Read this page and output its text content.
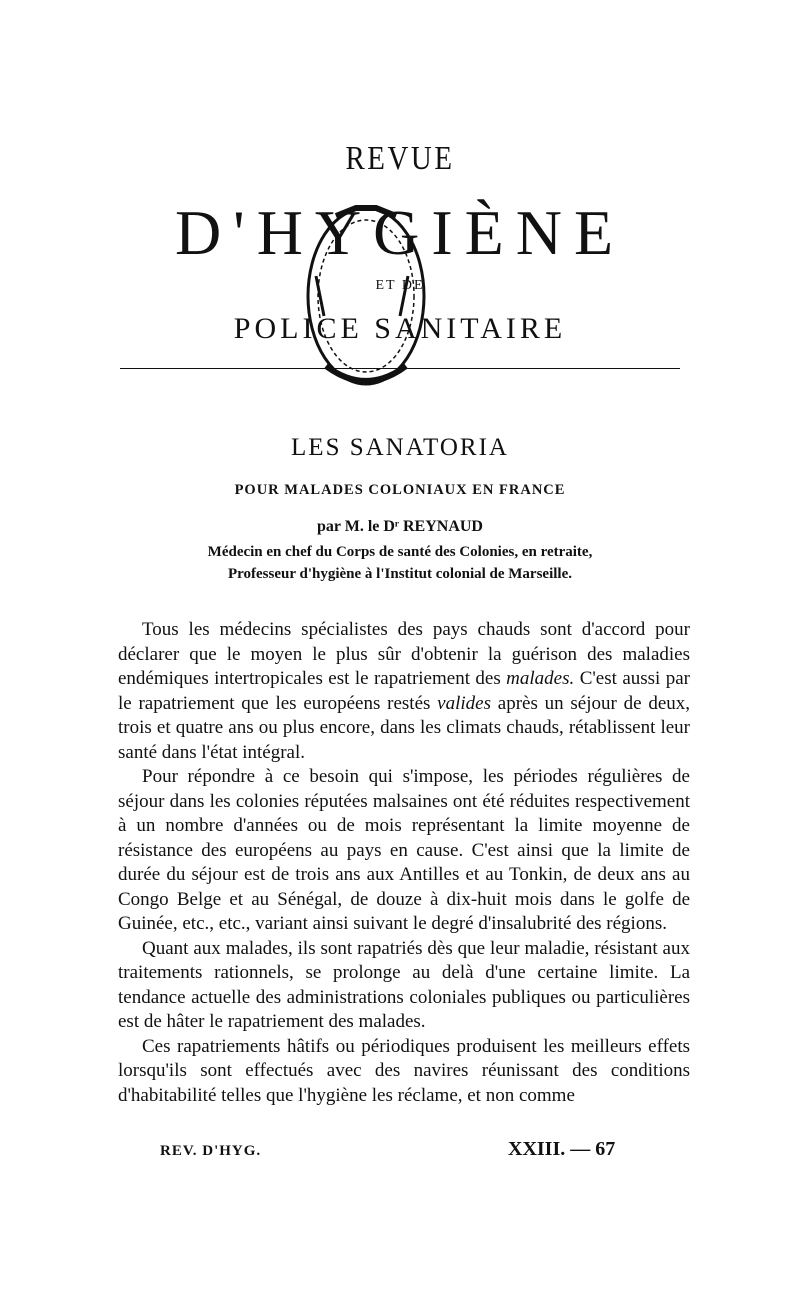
REVUE
D'HYGIÈNE
ET DE
POLICE SANITAIRE
LES SANATORIA
POUR MALADES COLONIAUX EN FRANCE
par M. le Dʳ REYNAUD
Médecin en chef du Corps de santé des Colonies, en retraite,
Professeur d'hygiène à l'Institut colonial de Marseille.

Tous les médecins spécialistes des pays chauds sont d'accord pour déclarer que le moyen le plus sûr d'obtenir la guérison des maladies endémiques intertropicales est le rapatriement des malades. C'est aussi par le rapatriement que les européens restés valides après un séjour de deux, trois et quatre ans ou plus encore, dans les climats chauds, rétablissent leur santé dans l'état intégral.

Pour répondre à ce besoin qui s'impose, les périodes régulières de séjour dans les colonies réputées malsaines ont été réduites respectivement à un nombre d'années ou de mois représentant la limite moyenne de résistance des européens au pays en cause. C'est ainsi que la limite de durée du séjour est de trois ans aux Antilles et au Tonkin, de deux ans au Congo Belge et au Sénégal, de douze à dix-huit mois dans le golfe de Guinée, etc., etc., variant ainsi suivant le degré d'insalubrité des régions.

Quant aux malades, ils sont rapatriés dès que leur maladie, résistant aux traitements rationnels, se prolonge au delà d'une certaine limite. La tendance actuelle des administrations coloniales publiques ou particulières est de hâter le rapatriement des malades.

Ces rapatriements hâtifs ou périodiques produisent les meilleurs effets lorsqu'ils sont effectués avec des navires réunissant des conditions d'habitabilité telles que l'hygiène les réclame, et non comme

REV. D'HYG.	XXIII. — 67
